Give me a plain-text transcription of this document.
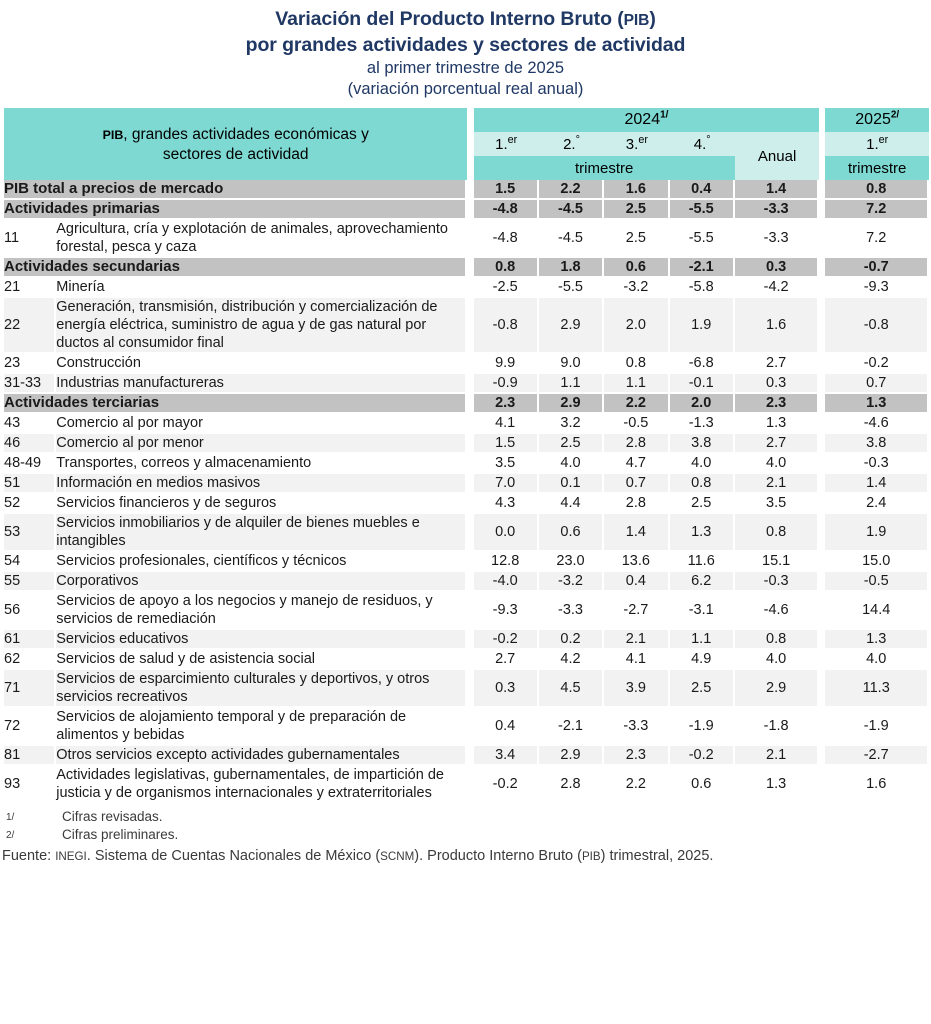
Variación del Producto Interno Bruto (PIB)
por grandes actividades y sectores de actividad
al primer trimestre de 2025
(variación porcentual real anual)
PIB, grandes actividades económicas y
sectores de actividad			2024$^{1/}$						2025$^{2/}$
			1.$^{er}$	2.°	3.$^{er}$	4.°	Anual		1.$^{er}$
			trimestre						trimestre
PIB total a precios de mercado			1.5	2.2	1.6	0.4	1.4		0.8
Actividades primarias			-4.8	-4.5	2.5	-5.5	-3.3		7.2
11	Agricultura, cría y explotación de animales, aprovechamiento forestal, pesca y caza		-4.8	-4.5	2.5	-5.5	-3.3		7.2
Actividades secundarias			0.8	1.8	0.6	-2.1	0.3		-0.7
21	Minería		-2.5	-5.5	-3.2	-5.8	-4.2		-9.3
22	Generación, transmisión, distribución y comercialización de energía eléctrica, suministro de agua y de gas natural por ductos al consumidor final		-0.8	2.9	2.0	1.9	1.6		-0.8
23	Construcción		9.9	9.0	0.8	-6.8	2.7		-0.2
31-33	Industrias manufactureras		-0.9	1.1	1.1	-0.1	0.3		0.7
Actividades terciarias			2.3	2.9	2.2	2.0	2.3		1.3
43	Comercio al por mayor		4.1	3.2	-0.5	-1.3	1.3		-4.6
46	Comercio al por menor		1.5	2.5	2.8	3.8	2.7		3.8
48-49	Transportes, correos y almacenamiento		3.5	4.0	4.7	4.0	4.0		-0.3
51	Información en medios masivos		7.0	0.1	0.7	0.8	2.1		1.4
52	Servicios financieros y de seguros		4.3	4.4	2.8	2.5	3.5		2.4
53	Servicios inmobiliarios y de alquiler de bienes muebles e intangibles		0.0	0.6	1.4	1.3	0.8		1.9
54	Servicios profesionales, científicos y técnicos		12.8	23.0	13.6	11.6	15.1		15.0
55	Corporativos		-4.0	-3.2	0.4	6.2	-0.3		-0.5
56	Servicios de apoyo a los negocios y manejo de residuos, y servicios de remediación		-9.3	-3.3	-2.7	-3.1	-4.6		14.4
61	Servicios educativos		-0.2	0.2	2.1	1.1	0.8		1.3
62	Servicios de salud y de asistencia social		2.7	4.2	4.1	4.9	4.0		4.0
71	Servicios de esparcimiento culturales y deportivos, y otros servicios recreativos		0.3	4.5	3.9	2.5	2.9		11.3
72	Servicios de alojamiento temporal y de preparación de alimentos y bebidas		0.4	-2.1	-3.3	-1.9	-1.8		-1.9
81	Otros servicios excepto actividades gubernamentales		3.4	2.9	2.3	-0.2	2.1		-2.7
93	Actividades legislativas, gubernamentales, de impartición de justicia y de organismos internacionales y extraterritoriales		-0.2	2.8	2.2	0.6	1.3		1.6
1/	Cifras revisadas.
2/	Cifras preliminares.
Fuente: INEGI. Sistema de Cuentas Nacionales de México (SCNM). Producto Interno Bruto (PIB) trimestral, 2025.
